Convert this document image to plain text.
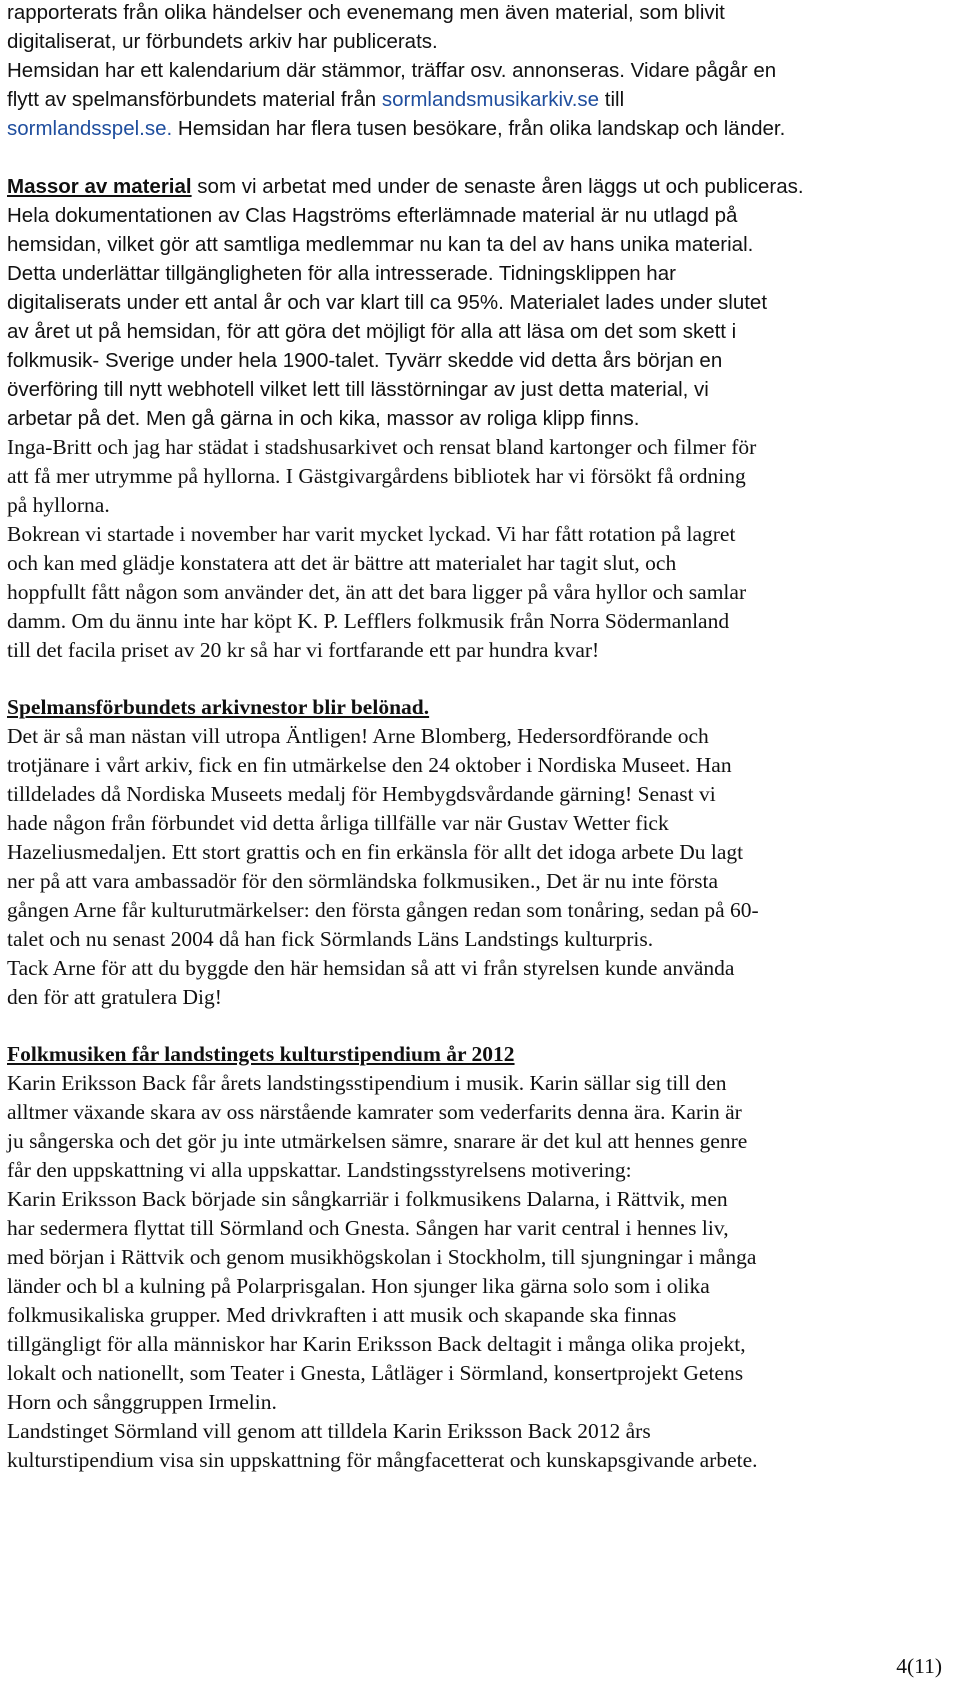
rapporterats från olika händelser och evenemang men även material, som blivit
digitaliserat, ur förbundets arkiv har publicerats.
Hemsidan har ett kalendarium där stämmor, träffar osv. annonseras. Vidare pågår en
flytt av spelmansförbundets material från sormlandsmusikarkiv.se till
sormlandsspel.se. Hemsidan har flera tusen besökare, från olika landskap och länder.
Massor av material som vi arbetat med under de senaste åren läggs ut och publiceras.
Hela dokumentationen av Clas Hagströms efterlämnade material är nu utlagd på
hemsidan, vilket gör att samtliga medlemmar nu kan ta del av hans unika material.
Detta underlättar tillgängligheten för alla intresserade. Tidningsklippen har
digitaliserats under ett antal år och var klart till ca 95%. Materialet lades under slutet
av året ut på hemsidan, för att göra det möjligt för alla att läsa om det som skett i
folkmusik- Sverige under hela 1900-talet. Tyvärr skedde vid detta års början en
överföring till nytt webhotell vilket lett till lässtörningar av just detta material, vi
arbetar på det. Men gå gärna in och kika, massor av roliga klipp finns.
Inga-Britt och jag har städat i stadshusarkivet och rensat bland kartonger och filmer för
att få mer utrymme på hyllorna. I Gästgivargårdens bibliotek har vi försökt få ordning
på hyllorna.
Bokrean vi startade i november har varit mycket lyckad. Vi har fått rotation på lagret
och kan med glädje konstatera att det är bättre att materialet har tagit slut, och
hoppfullt fått någon som använder det, än att det bara ligger på våra hyllor och samlar
damm. Om du ännu inte har köpt K. P. Lefflers folkmusik från Norra Södermanland
till det facila priset av 20 kr så har vi fortfarande ett par hundra kvar!
Spelmansförbundets arkivnestor blir belönad.
Det är så man nästan vill utropa Äntligen! Arne Blomberg, Hedersordförande och
trotjänare i vårt arkiv, fick en fin utmärkelse den 24 oktober i Nordiska Museet. Han
tilldelades då Nordiska Museets medalj för Hembygdsvårdande gärning! Senast vi
hade någon från förbundet vid detta årliga tillfälle var när Gustav Wetter fick
Hazeliusmedaljen. Ett stort grattis och en fin erkänsla för allt det idoga arbete Du lagt
ner på att vara ambassadör för den sörmländska folkmusiken., Det är nu inte första
gången Arne får kulturutmärkelser: den första gången redan som tonåring, sedan på 60-
talet och nu senast 2004 då han fick Sörmlands Läns Landstings kulturpris.
Tack Arne för att du byggde den här hemsidan så att vi från styrelsen kunde använda
den för att gratulera Dig!
Folkmusiken får landstingets kulturstipendium år 2012
Karin Eriksson Back får årets landstingsstipendium i musik. Karin sällar sig till den
alltmer växande skara av oss närstående kamrater som vederfarits denna ära. Karin är
ju sångerska och det gör ju inte utmärkelsen sämre, snarare är det kul att hennes genre
får den uppskattning vi alla uppskattar. Landstingsstyrelsens motivering:
Karin Eriksson Back började sin sångkarriär i folkmusikens Dalarna, i Rättvik, men
har sedermera flyttat till Sörmland och Gnesta. Sången har varit central i hennes liv,
med början i Rättvik och genom musikhögskolan i Stockholm, till sjungningar i många
länder och bl a kulning på Polarprisgalan. Hon sjunger lika gärna solo som i olika
folkmusikaliska grupper. Med drivkraften i att musik och skapande ska finnas
tillgängligt för alla människor har Karin Eriksson Back deltagit i många olika projekt,
lokalt och nationellt, som Teater i Gnesta, Låtläger i Sörmland, konsertprojekt Getens
Horn och sånggruppen Irmelin.
Landstinget Sörmland vill genom att tilldela Karin Eriksson Back 2012 års
kulturstipendium visa sin uppskattning för mångfacetterat och kunskapsgivande arbete.
4(11)
